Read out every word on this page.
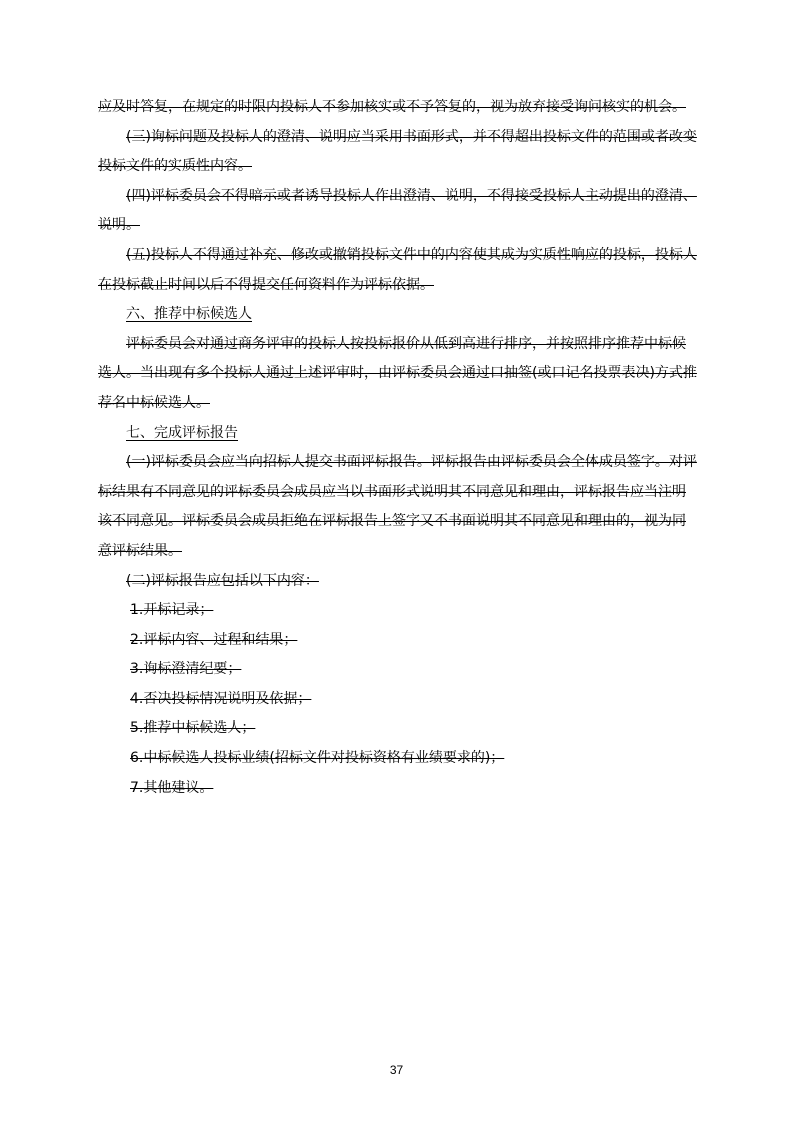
应及时答复，在规定的时限内投标人不参加核实或不予答复的，视为放弃接受询问核实的机会。

(三)询标问题及投标人的澄清、说明应当采用书面形式，并不得超出投标文件的范围或者改变投标文件的实质性内容。

(四)评标委员会不得暗示或者诱导投标人作出澄清、说明，不得接受投标人主动提出的澄清、说明。

(五)投标人不得通过补充、修改或撤销投标文件中的内容使其成为实质性响应的投标，投标人在投标截止时间以后不得提交任何资料作为评标依据。

六、推荐中标候选人

评标委员会对通过商务评审的投标人按投标报价从低到高进行排序，并按照排序推荐中标候选人。当出现有多个投标人通过上述评审时，由评标委员会通过口抽签(或口记名投票表决)方式推荐名中标候选人。

七、完成评标报告

(一)评标委员会应当向招标人提交书面评标报告。评标报告由评标委员会全体成员签字。对评标结果有不同意见的评标委员会成员应当以书面形式说明其不同意见和理由，评标报告应当注明该不同意见。评标委员会成员拒绝在评标报告上签字又不书面说明其不同意见和理由的，视为同意评标结果。

(二)评标报告应包括以下内容：

1.开标记录；

2.评标内容、过程和结果；

3.询标澄清纪要；

4.否决投标情况说明及依据；

5.推荐中标候选人；

6.中标候选人投标业绩(招标文件对投标资格有业绩要求的)；

7.其他建议。

37
